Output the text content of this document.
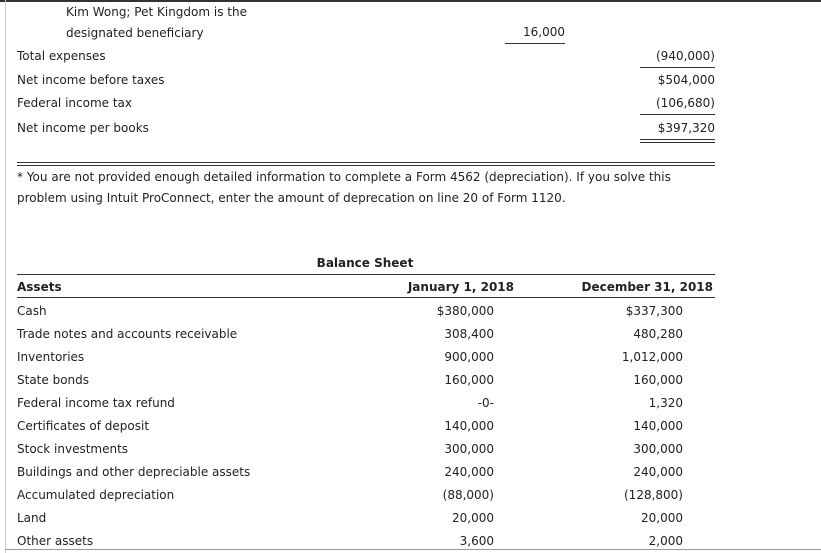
Kim Wong; Pet Kingdom is the
designated beneficiary	16,000
Total expenses	(940,000)
Net income before taxes	$504,000
Federal income tax	(106,680)
Net income per books	$397,320
* You are not provided enough detailed information to complete a Form 4562 (depreciation). If you solve this
problem using Intuit ProConnect, enter the amount of deprecation on line 20 of Form 1120.
Balance Sheet
Assets	January 1, 2018	December 31, 2018
Cash	$380,000	$337,300
Trade notes and accounts receivable	308,400	480,280
Inventories	900,000	1,012,000
State bonds	160,000	160,000
Federal income tax refund	-0-	1,320
Certificates of deposit	140,000	140,000
Stock investments	300,000	300,000
Buildings and other depreciable assets	240,000	240,000
Accumulated depreciation	(88,000)	(128,800)
Land	20,000	20,000
Other assets	3,600	2,000
